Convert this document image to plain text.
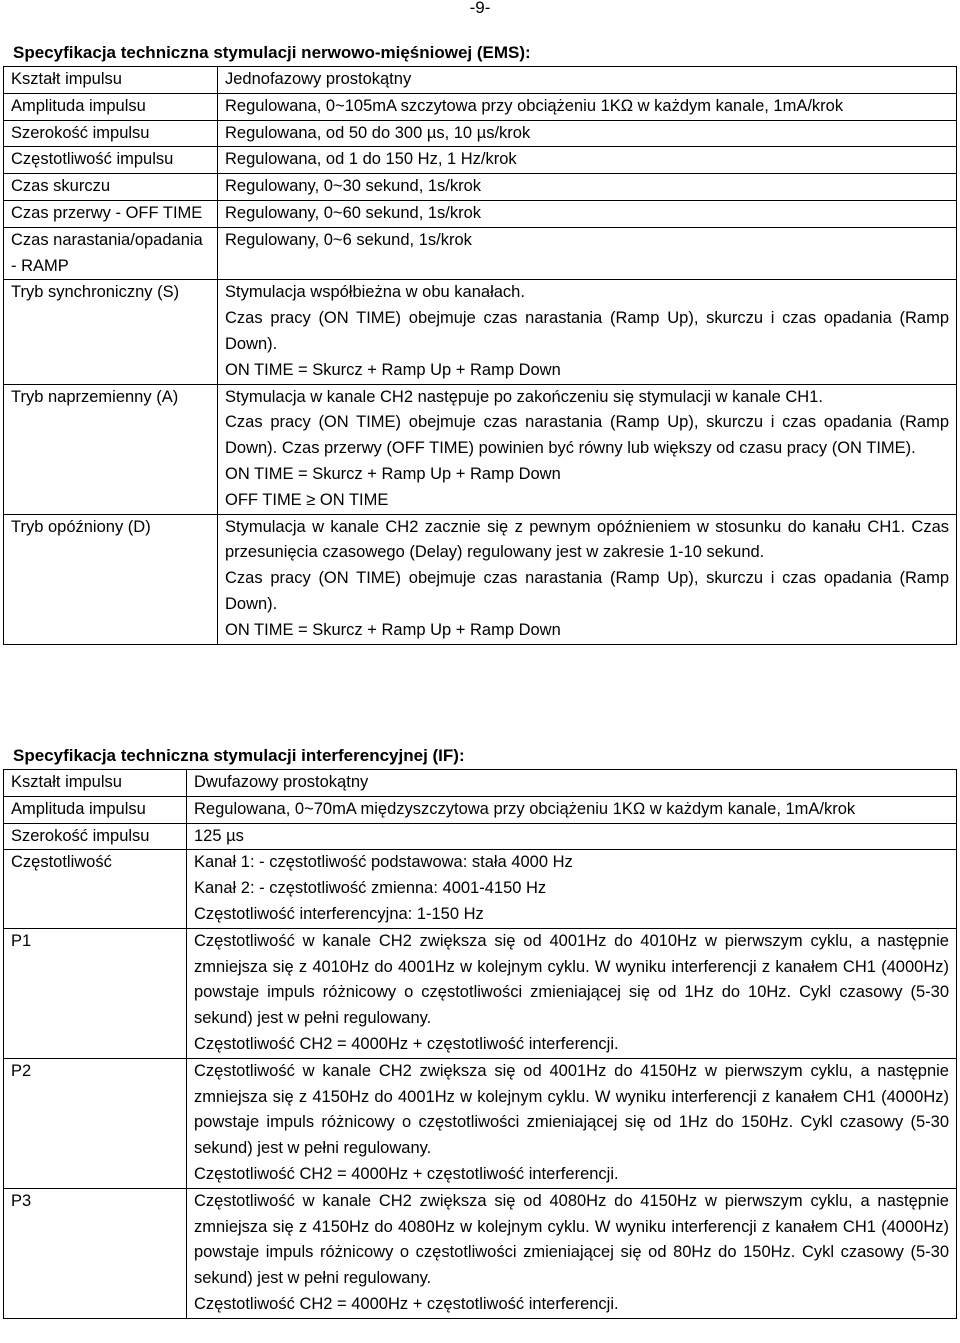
-9-
Specyfikacja techniczna stymulacji nerwowo-mięśniowej (EMS):
Kształt impulsu	Jednofazowy prostokątny

Amplituda impulsu	Regulowana, 0~105mA szczytowa przy obciążeniu 1KΩ w każdym kanale, 1mA/krok

Szerokość impulsu	Regulowana, od 50 do 300 µs, 10 µs/krok

Częstotliwość impulsu	Regulowana, od 1 do 150 Hz, 1 Hz/krok

Czas skurczu	Regulowany, 0~30 sekund, 1s/krok

Czas przerwy - OFF TIME	Regulowany, 0~60 sekund, 1s/krok

Czas narastania/opadania - RAMP	Regulowany, 0~6 sekund, 1s/krok

Tryb synchroniczny (S)	Stymulacja współbieżna w obu kanałach.
Czas pracy (ON TIME) obejmuje czas narastania (Ramp Up), skurczu i czas opadania (Ramp Down).
ON TIME = Skurcz + Ramp Up + Ramp Down

Tryb naprzemienny (A)	Stymulacja w kanale CH2 następuje po zakończeniu się stymulacji w kanale CH1.
Czas pracy (ON TIME) obejmuje czas narastania (Ramp Up), skurczu i czas opadania (Ramp Down). Czas przerwy (OFF TIME) powinien być równy lub większy od czasu pracy (ON TIME).
ON TIME = Skurcz + Ramp Up + Ramp Down
OFF TIME ≥ ON TIME

Tryb opóźniony (D)	Stymulacja w kanale CH2 zacznie się z pewnym opóźnieniem w stosunku do kanału CH1. Czas przesunięcia czasowego (Delay) regulowany jest w zakresie 1-10 sekund.
Czas pracy (ON TIME) obejmuje czas narastania (Ramp Up), skurczu i czas opadania (Ramp Down).
ON TIME = Skurcz + Ramp Up + Ramp Down
Specyfikacja techniczna stymulacji interferencyjnej (IF):
Kształt impulsu	Dwufazowy prostokątny

Amplituda impulsu	Regulowana, 0~70mA międzyszczytowa przy obciążeniu 1KΩ w każdym kanale, 1mA/krok

Szerokość impulsu	125 µs

Częstotliwość	Kanał 1: - częstotliwość podstawowa: stała 4000 Hz
Kanał 2: - częstotliwość zmienna: 4001-4150 Hz
Częstotliwość interferencyjna: 1-150 Hz

P1	Częstotliwość w kanale CH2 zwiększa się od 4001Hz do 4010Hz w pierwszym cyklu, a następnie zmniejsza się z 4010Hz do 4001Hz w kolejnym cyklu. W wyniku interferencji z kanałem CH1 (4000Hz) powstaje impuls różnicowy o częstotliwości zmieniającej się od 1Hz do 10Hz. Cykl czasowy (5-30 sekund) jest w pełni regulowany.
Częstotliwość CH2 = 4000Hz + częstotliwość interferencji.

P2	Częstotliwość w kanale CH2 zwiększa się od 4001Hz do 4150Hz w pierwszym cyklu, a następnie zmniejsza się z 4150Hz do 4001Hz w kolejnym cyklu. W wyniku interferencji z kanałem CH1 (4000Hz) powstaje impuls różnicowy o częstotliwości zmieniającej się od 1Hz do 150Hz. Cykl czasowy (5-30 sekund) jest w pełni regulowany.
Częstotliwość CH2 = 4000Hz + częstotliwość interferencji.

P3	Częstotliwość w kanale CH2 zwiększa się od 4080Hz do 4150Hz w pierwszym cyklu, a następnie zmniejsza się z 4150Hz do 4080Hz w kolejnym cyklu. W wyniku interferencji z kanałem CH1 (4000Hz) powstaje impuls różnicowy o częstotliwości zmieniającej się od 80Hz do 150Hz. Cykl czasowy (5-30 sekund) jest w pełni regulowany.
Częstotliwość CH2 = 4000Hz + częstotliwość interferencji.
